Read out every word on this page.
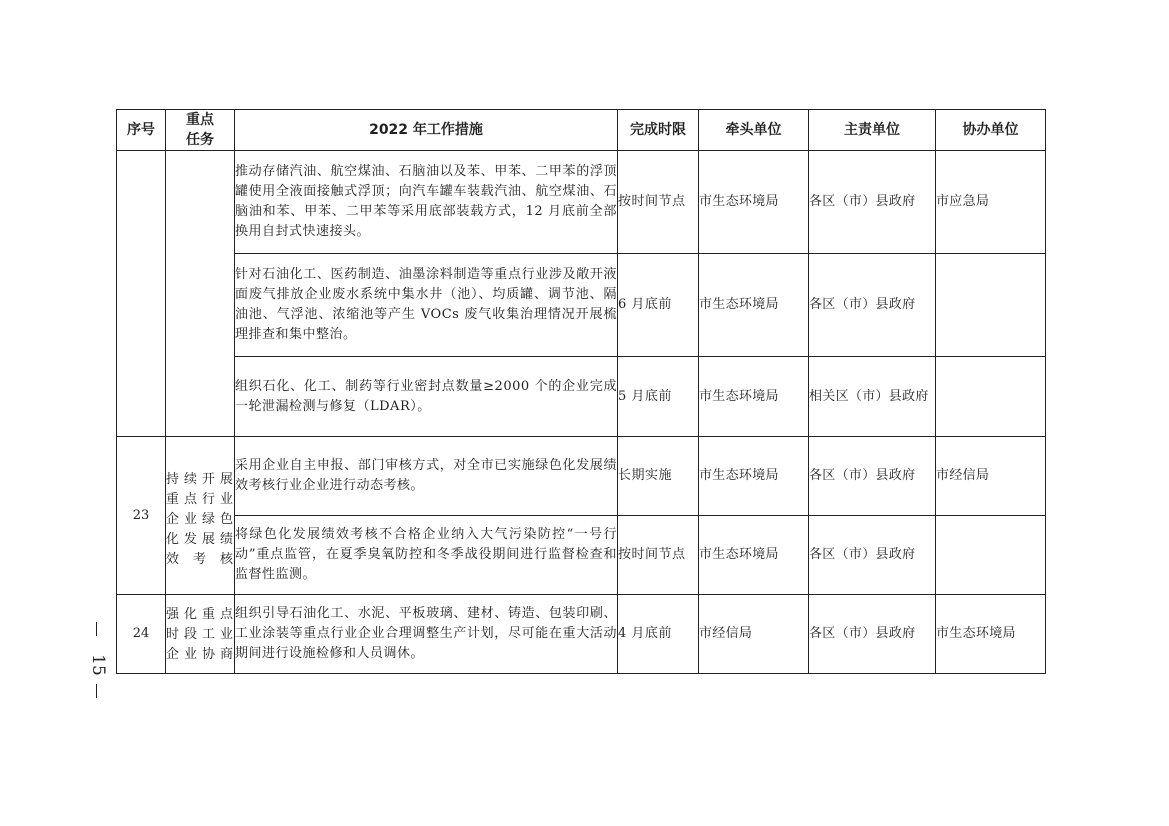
序号	重点任务	2022 年工作措施	完成时限	牵头单位	主责单位	协办单位
		推动存储汽油、航空煤油、石脑油以及苯、甲苯、二甲苯的浮顶罐使用全液面接触式浮顶；向汽车罐车装载汽油、航空煤油、石脑油和苯、甲苯、二甲苯等采用底部装载方式，12 月底前全部换用自封式快速接头。	按时间节点	市生态环境局	各区（市）县政府	市应急局
		针对石油化工、医药制造、油墨涂料制造等重点行业涉及敞开液面废气排放企业废水系统中集水井（池）、均质罐、调节池、隔油池、气浮池、浓缩池等产生 VOCs 废气收集治理情况开展梳理排查和集中整治。	6 月底前	市生态环境局	各区（市）县政府	
		组织石化、化工、制药等行业密封点数量≥2000 个的企业完成一轮泄漏检测与修复（LDAR）。	5 月底前	市生态环境局	相关区（市）县政府	
23	持续开展重点行业企业绿色化发展绩效考核	采用企业自主申报、部门审核方式，对全市已实施绿色化发展绩效考核行业企业进行动态考核。	长期实施	市生态环境局	各区（市）县政府	市经信局
		将绿色化发展绩效考核不合格企业纳入大气污染防控“一号行动”重点监管，在夏季臭氧防控和冬季战役期间进行监督检查和监督性监测。	按时间节点	市生态环境局	各区（市）县政府	
24	强化重点时段工业企业协商	组织引导石油化工、水泥、平板玻璃、建材、铸造、包装印刷、工业涂装等重点行业企业合理调整生产计划，尽可能在重大活动期间进行设施检修和人员调休。	4 月底前	市经信局	各区（市）县政府	市生态环境局
15
